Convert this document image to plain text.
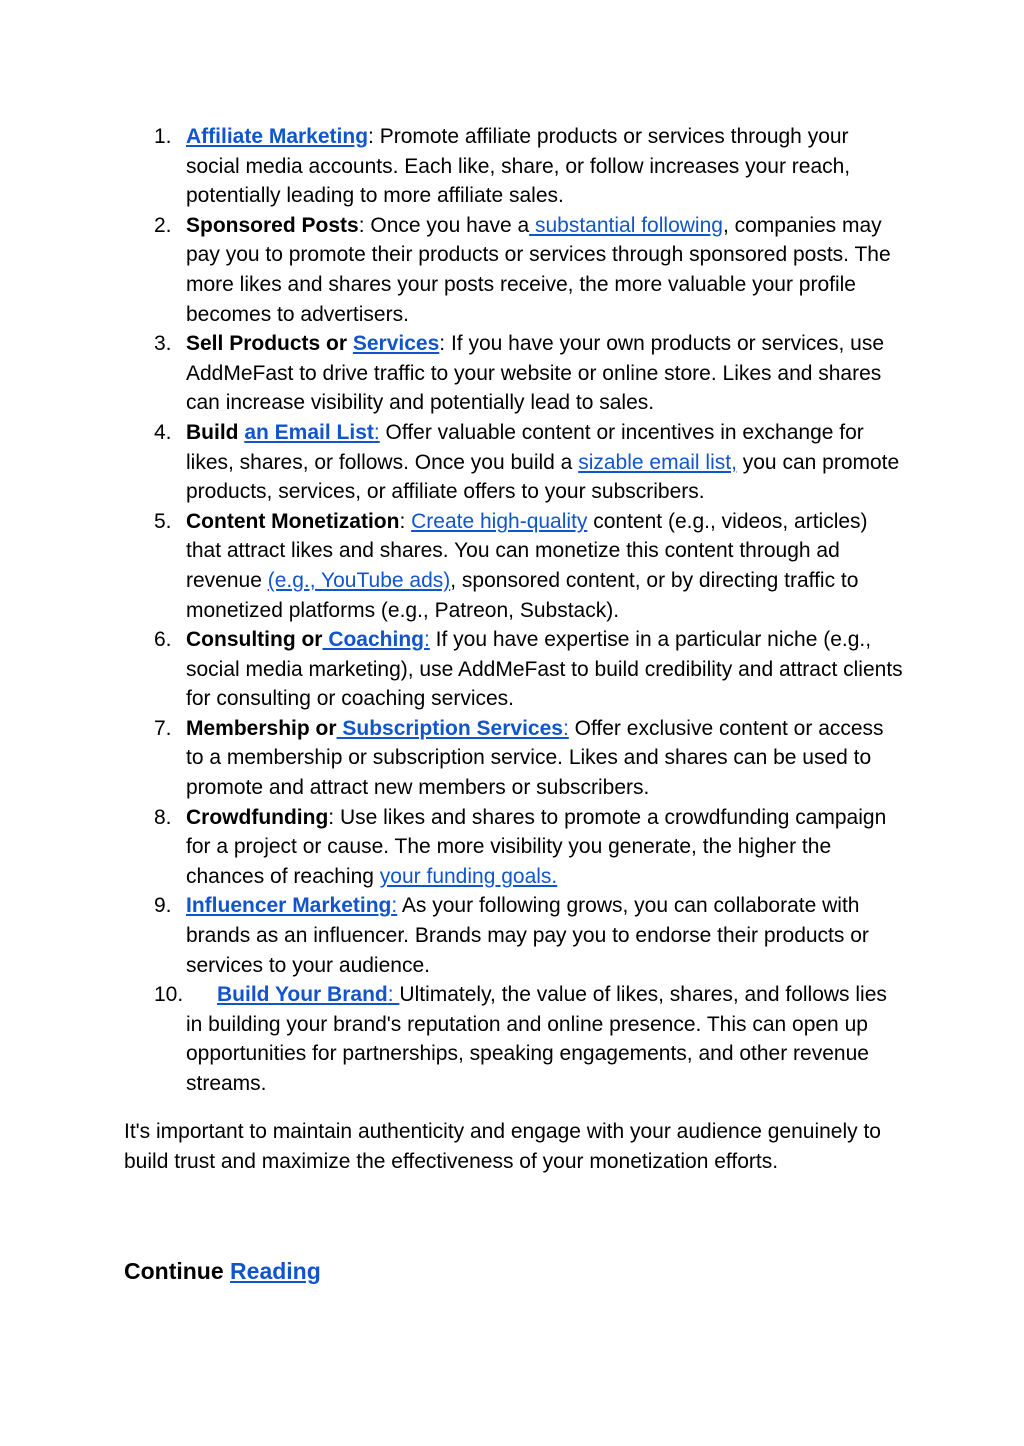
1. Affiliate Marketing: Promote affiliate products or services through your social media accounts. Each like, share, or follow increases your reach, potentially leading to more affiliate sales.
2. Sponsored Posts: Once you have a substantial following, companies may pay you to promote their products or services through sponsored posts. The more likes and shares your posts receive, the more valuable your profile becomes to advertisers.
3. Sell Products or Services: If you have your own products or services, use AddMeFast to drive traffic to your website or online store. Likes and shares can increase visibility and potentially lead to sales.
4. Build an Email List: Offer valuable content or incentives in exchange for likes, shares, or follows. Once you build a sizable email list, you can promote products, services, or affiliate offers to your subscribers.
5. Content Monetization: Create high-quality content (e.g., videos, articles) that attract likes and shares. You can monetize this content through ad revenue (e.g., YouTube ads), sponsored content, or by directing traffic to monetized platforms (e.g., Patreon, Substack).
6. Consulting or Coaching: If you have expertise in a particular niche (e.g., social media marketing), use AddMeFast to build credibility and attract clients for consulting or coaching services.
7. Membership or Subscription Services: Offer exclusive content or access to a membership or subscription service. Likes and shares can be used to promote and attract new members or subscribers.
8. Crowdfunding: Use likes and shares to promote a crowdfunding campaign for a project or cause. The more visibility you generate, the higher the chances of reaching your funding goals.
9. Influencer Marketing: As your following grows, you can collaborate with brands as an influencer. Brands may pay you to endorse their products or services to your audience.
10.	Build Your Brand: Ultimately, the value of likes, shares, and follows lies in building your brand's reputation and online presence. This can open up opportunities for partnerships, speaking engagements, and other revenue streams.

It's important to maintain authenticity and engage with your audience genuinely to build trust and maximize the effectiveness of your monetization efforts.

Continue Reading
